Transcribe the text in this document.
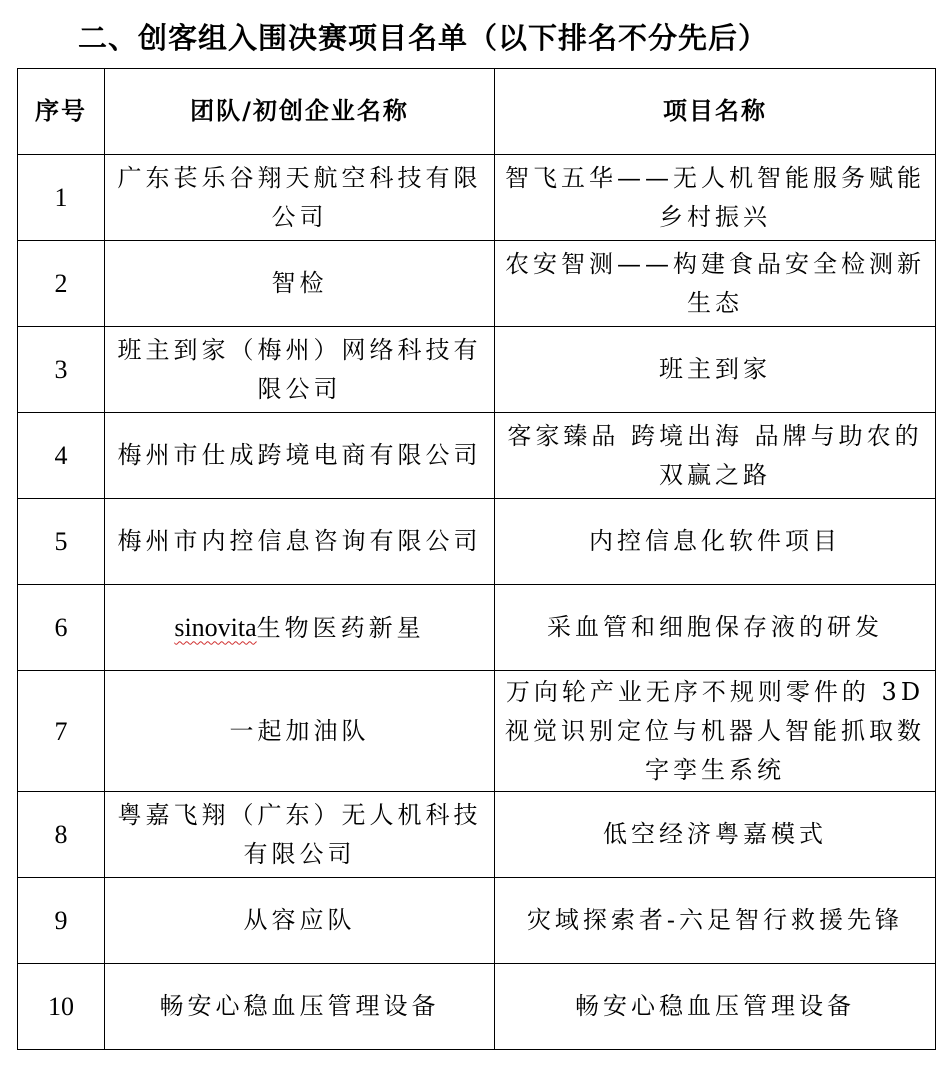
二、创客组入围决赛项目名单（以下排名不分先后）
序号	团队/初创企业名称	项目名称
1	广东苌乐谷翔天航空科技有限公司	智飞五华——无人机智能服务赋能乡村振兴
2	智检	农安智测——构建食品安全检测新生态
3	班主到家（梅州）网络科技有限公司	班主到家
4	梅州市仕成跨境电商有限公司	客家臻品 跨境出海 品牌与助农的双赢之路
5	梅州市内控信息咨询有限公司	内控信息化软件项目
6	sinovita生物医药新星	采血管和细胞保存液的研发
7	一起加油队	万向轮产业无序不规则零件的 3D视觉识别定位与机器人智能抓取数字孪生系统
8	粤嘉飞翔（广东）无人机科技有限公司	低空经济粤嘉模式
9	从容应队	灾域探索者-六足智行救援先锋
10	畅安心稳血压管理设备	畅安心稳血压管理设备
